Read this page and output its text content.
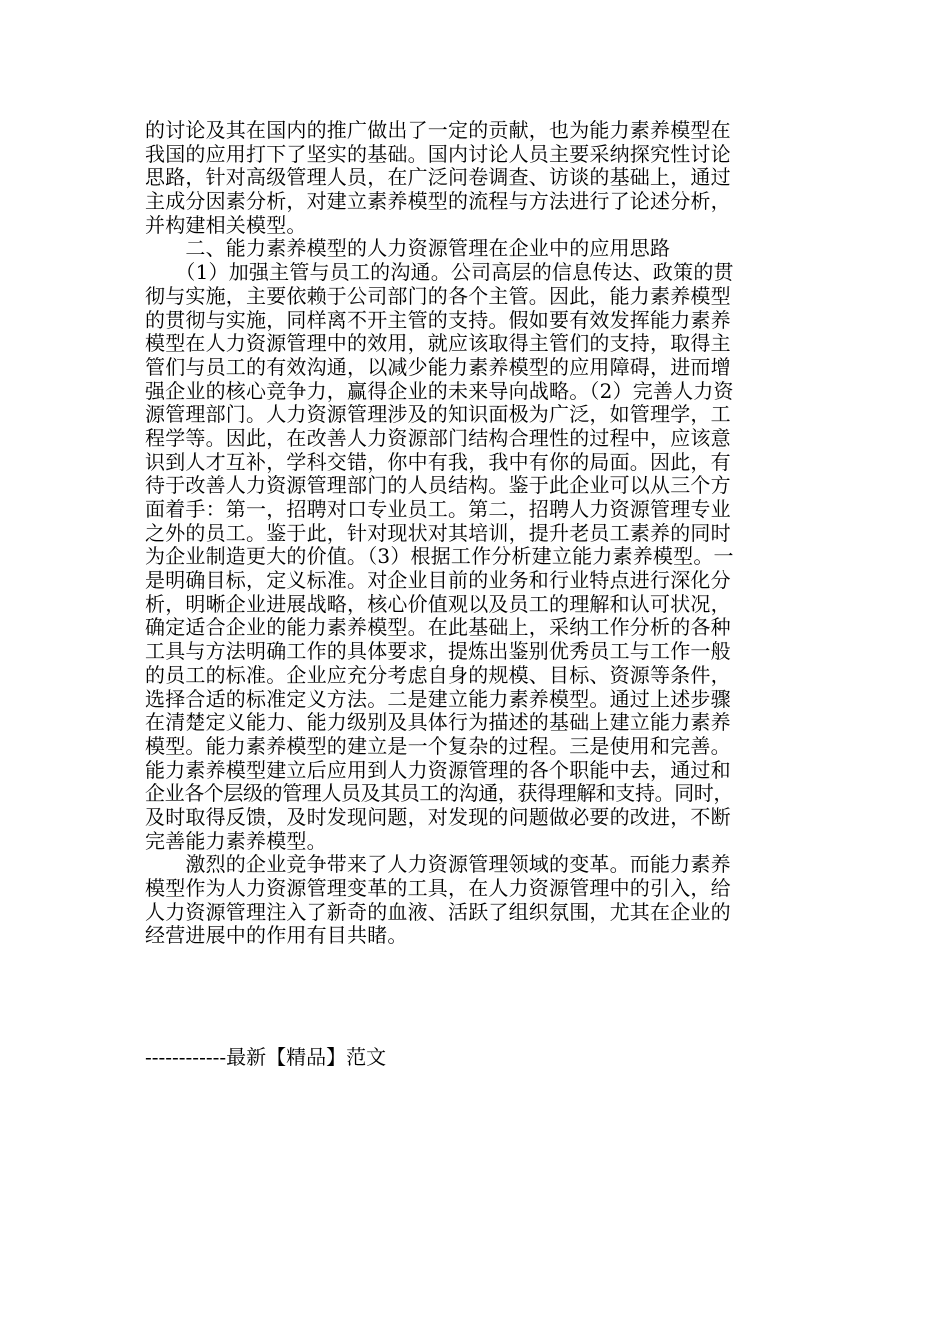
的讨论及其在国内的推广做出了一定的贡献，也为能力素养模型在
我国的应用打下了坚实的基础。国内讨论人员主要采纳探究性讨论
思路，针对高级管理人员，在广泛问卷调查、访谈的基础上，通过
主成分因素分析，对建立素养模型的流程与方法进行了论述分析，
并构建相关模型。
　　二、能力素养模型的人力资源管理在企业中的应用思路
　　（1）加强主管与员工的沟通。公司高层的信息传达、政策的贯
彻与实施，主要依赖于公司部门的各个主管。因此，能力素养模型
的贯彻与实施，同样离不开主管的支持。假如要有效发挥能力素养
模型在人力资源管理中的效用，就应该取得主管们的支持，取得主
管们与员工的有效沟通，以减少能力素养模型的应用障碍，进而增
强企业的核心竞争力，赢得企业的未来导向战略。（2）完善人力资
源管理部门。人力资源管理涉及的知识面极为广泛，如管理学，工
程学等。因此，在改善人力资源部门结构合理性的过程中，应该意
识到人才互补，学科交错，你中有我，我中有你的局面。因此，有
待于改善人力资源管理部门的人员结构。鉴于此企业可以从三个方
面着手：第一，招聘对口专业员工。第二，招聘人力资源管理专业
之外的员工。鉴于此，针对现状对其培训，提升老员工素养的同时
为企业制造更大的价值。（3）根据工作分析建立能力素养模型。一
是明确目标，定义标准。对企业目前的业务和行业特点进行深化分
析，明晰企业进展战略，核心价值观以及员工的理解和认可状况，
确定适合企业的能力素养模型。在此基础上，采纳工作分析的各种
工具与方法明确工作的具体要求，提炼出鉴别优秀员工与工作一般
的员工的标准。企业应充分考虑自身的规模、目标、资源等条件，
选择合适的标准定义方法。二是建立能力素养模型。通过上述步骤
在清楚定义能力、能力级别及具体行为描述的基础上建立能力素养
模型。能力素养模型的建立是一个复杂的过程。三是使用和完善。
能力素养模型建立后应用到人力资源管理的各个职能中去，通过和
企业各个层级的管理人员及其员工的沟通，获得理解和支持。同时，
及时取得反馈，及时发现问题，对发现的问题做必要的改进，不断
完善能力素养模型。
　　激烈的企业竞争带来了人力资源管理领域的变革。而能力素养
模型作为人力资源管理变革的工具，在人力资源管理中的引入，给
人力资源管理注入了新奇的血液、活跃了组织氛围，尤其在企业的
经营进展中的作用有目共睹。
------------最新【精品】范文
